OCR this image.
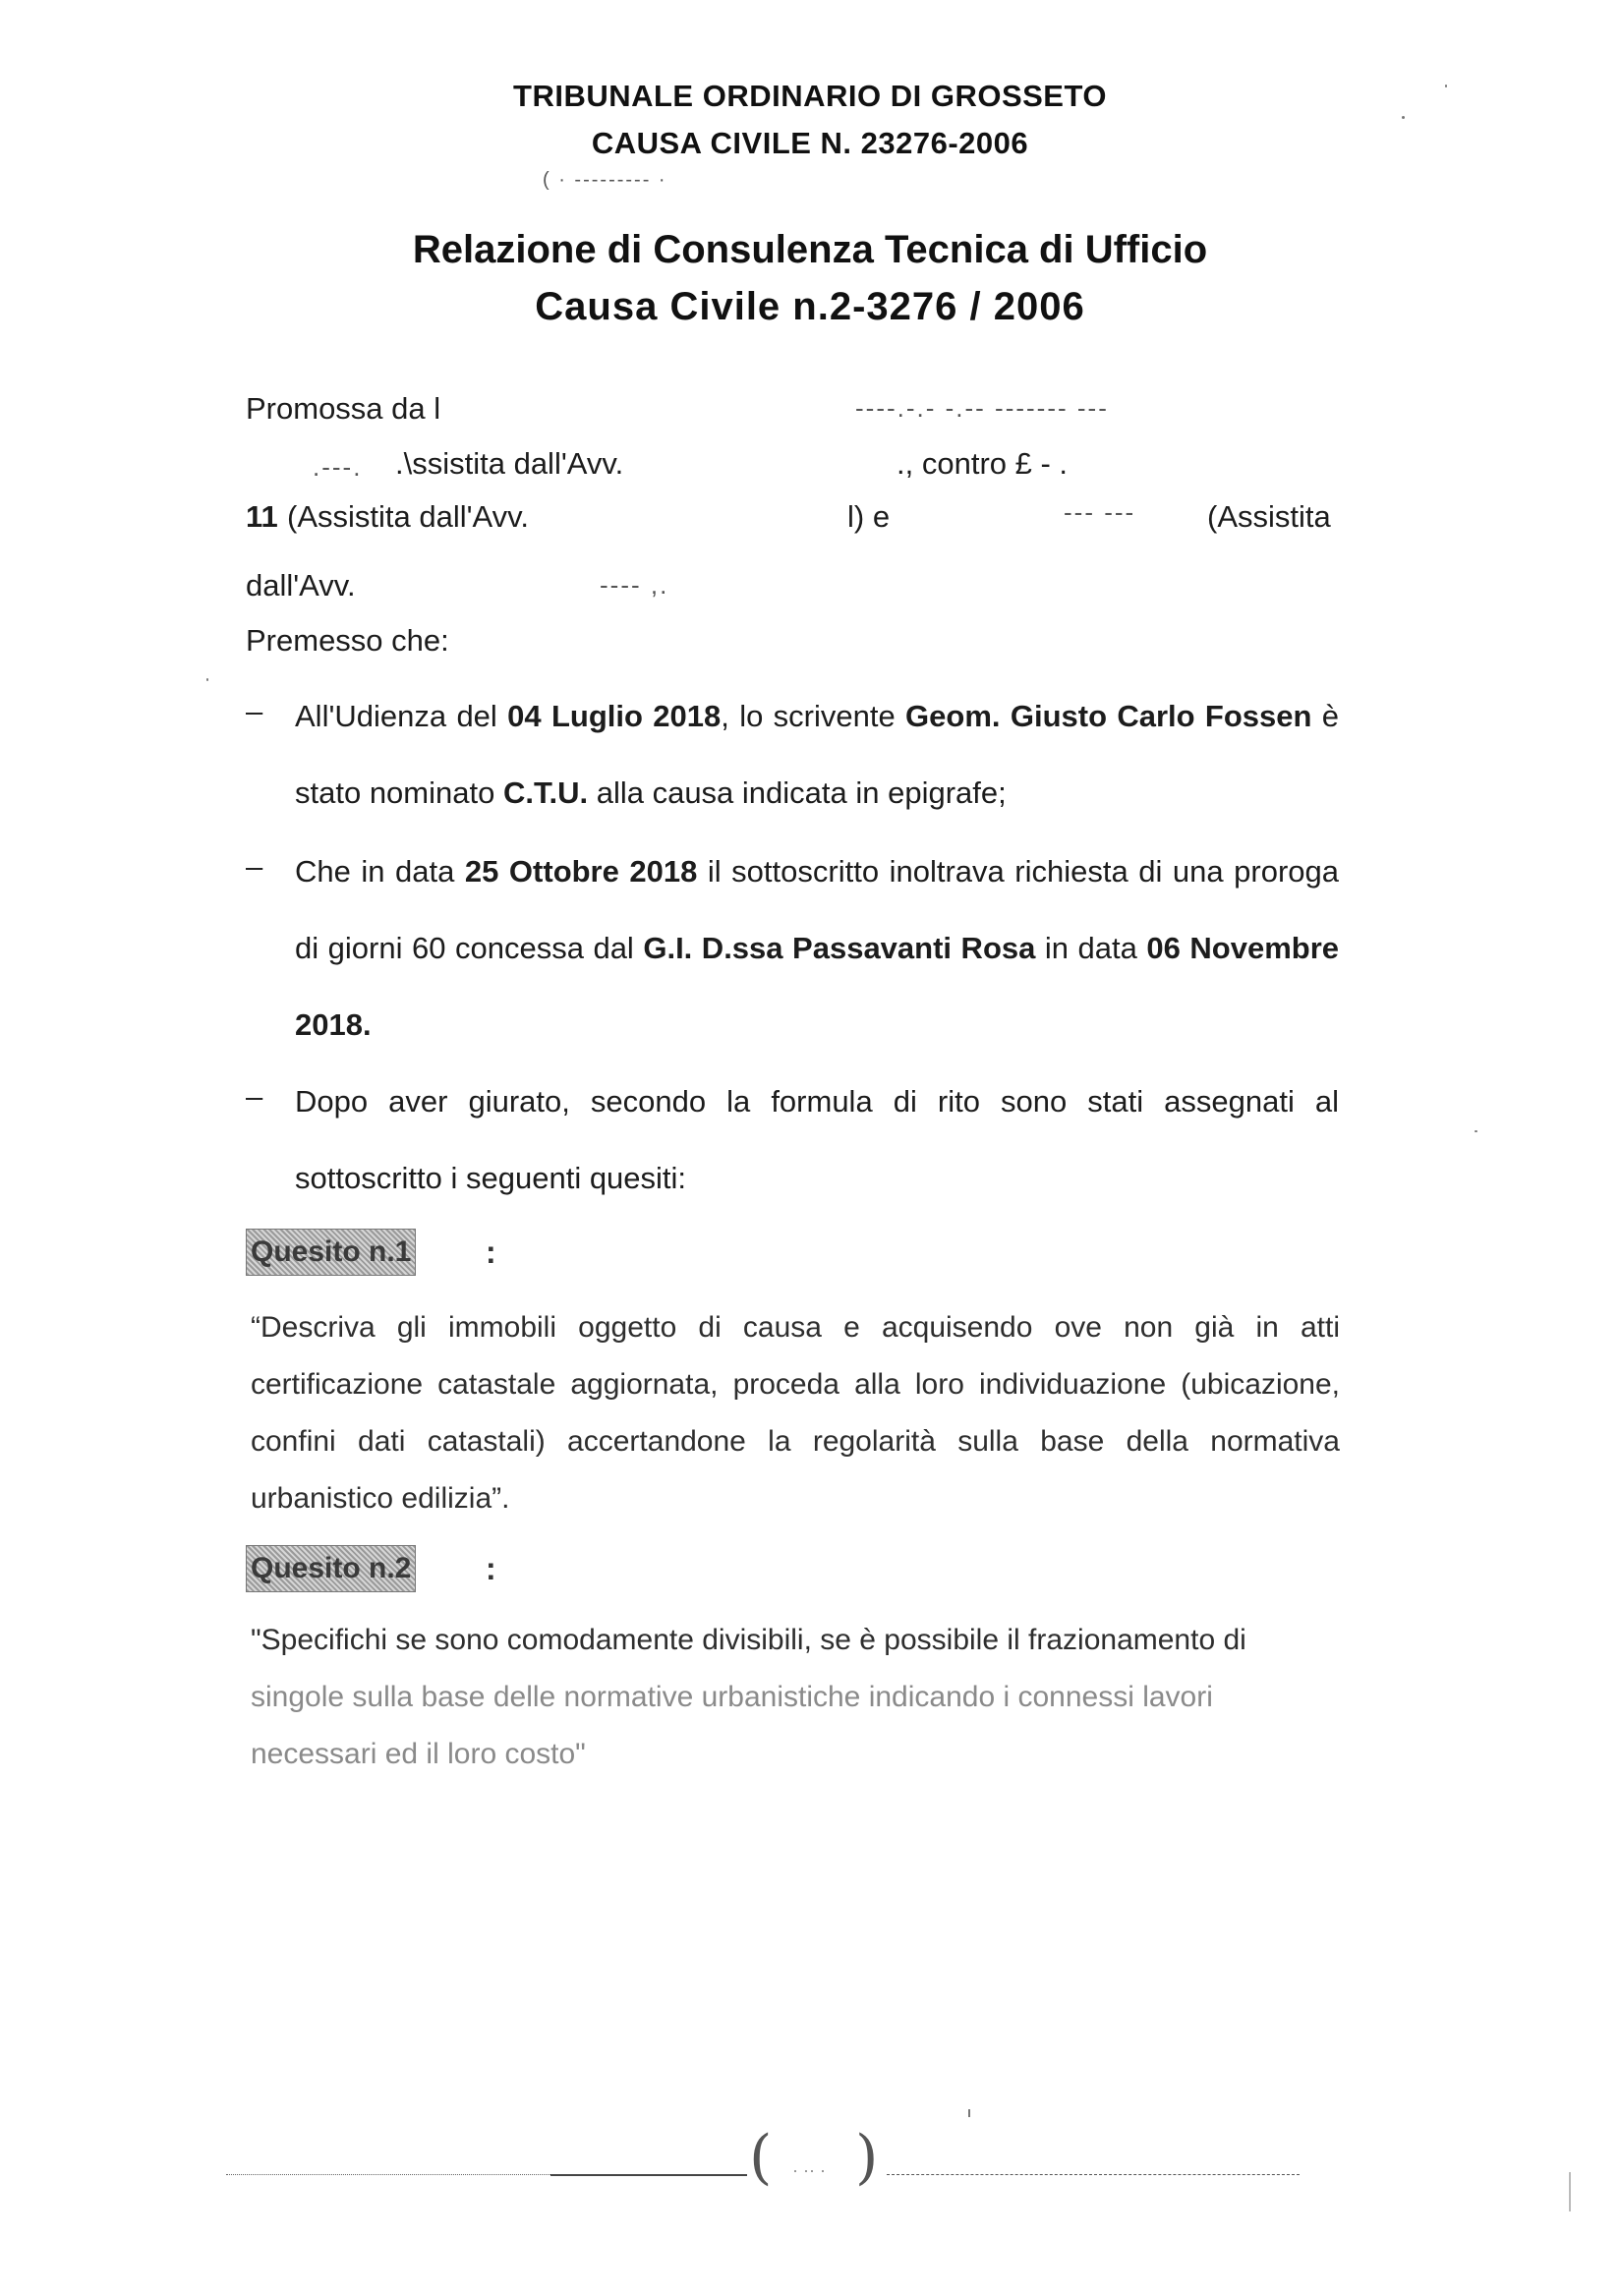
TRIBUNALE ORDINARIO DI GROSSETO
CAUSA CIVILE N. 23276-2006
( · ‐‐‐‐‐‐‐‐‐ ·
Relazione di Consulenza Tecnica di Ufficio
Causa Civile n.2-3276 / 2006
Promossa da l	‐‐‐‐.‐.‐ ‐.‐‐ ‐‐‐‐‐‐‐ ‐‐‐
.‐‐‐. .\ssistita dall'Avv.	., contro £ ‐ .
11 (Assistita dall'Avv.	l) e	‐‐‐ ‐‐‐ (Assistita
dall'Avv.	‐‐‐‐ ,.
Premesso che:
– All'Udienza del 04 Luglio 2018, lo scrivente Geom. Giusto Carlo Fossen è stato nominato C.T.U. alla causa indicata in epigrafe;
– Che in data 25 Ottobre 2018 il sottoscritto inoltrava richiesta di una proroga di giorni 60 concessa dal G.I. D.ssa Passavanti Rosa in data 06 Novembre 2018.
– Dopo aver giurato, secondo la formula di rito sono stati assegnati al sottoscritto i seguenti quesiti:
Quesito n.1 :
“Descriva gli immobili oggetto di causa e acquisendo ove non già in atti certificazione catastale aggiornata, proceda alla loro individuazione (ubicazione, confini dati catastali) accertandone la regolarità sulla base della normativa urbanistico edilizia”.
Quesito n.2 :
"Specifichi se sono comodamente divisibili, se è possibile il frazionamento di
singole sulla base delle normative urbanistiche indicando i connessi lavori
necessari ed il loro costo"
( · ·· · )
